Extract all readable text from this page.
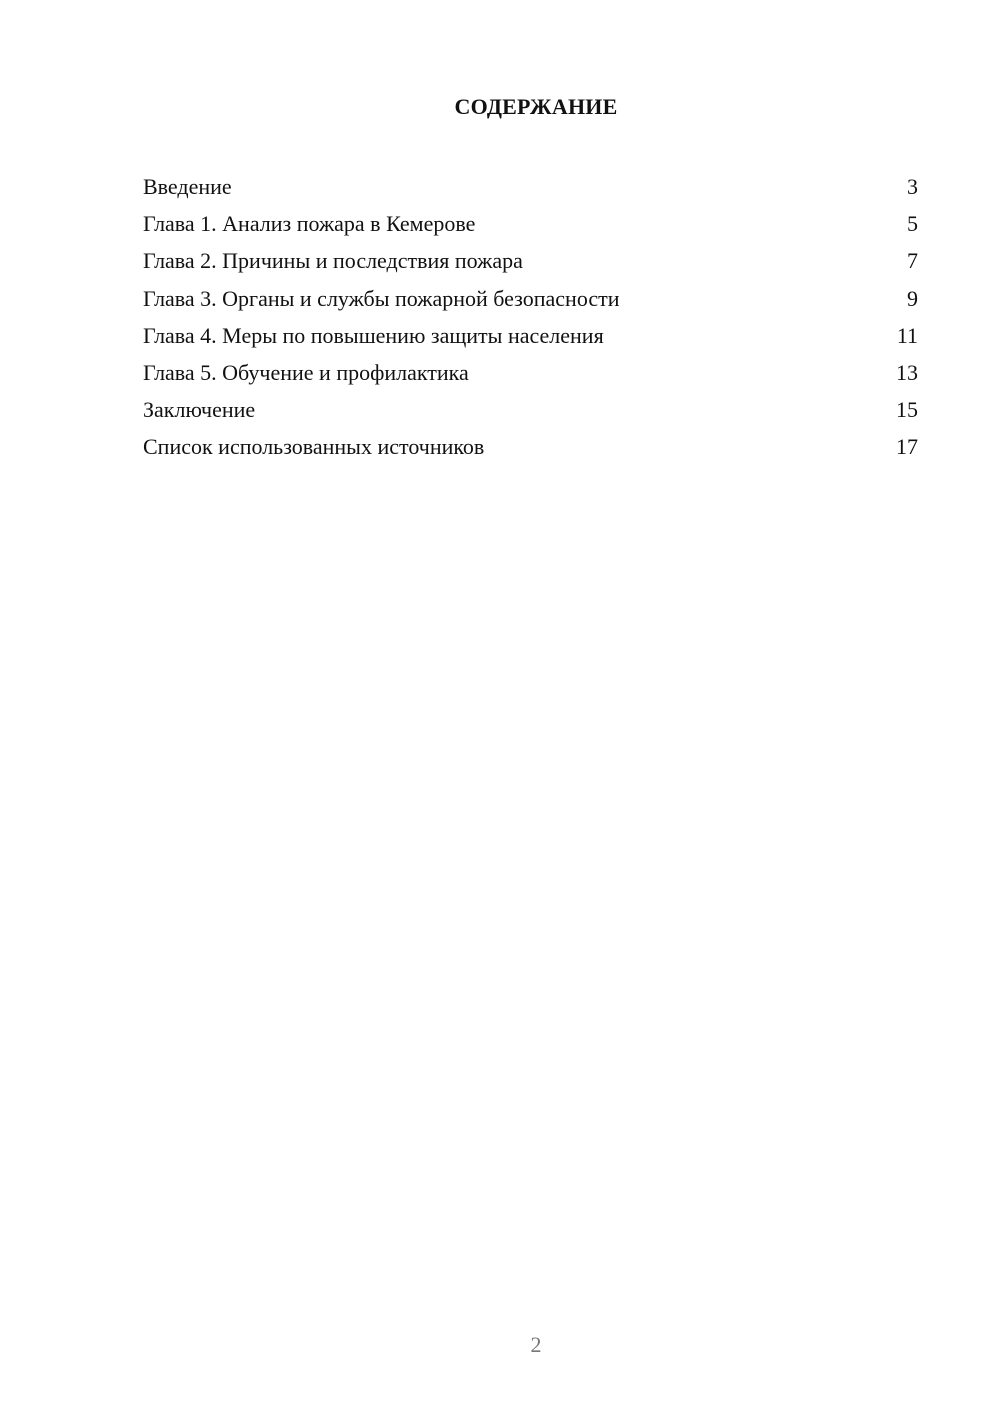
СОДЕРЖАНИЕ
Введение	3
Глава 1. Анализ пожара в Кемерове	5
Глава 2. Причины и последствия пожара	7
Глава 3. Органы и службы пожарной безопасности	9
Глава 4. Меры по повышению защиты населения	11
Глава 5. Обучение и профилактика	13
Заключение	15
Список использованных источников	17
2
